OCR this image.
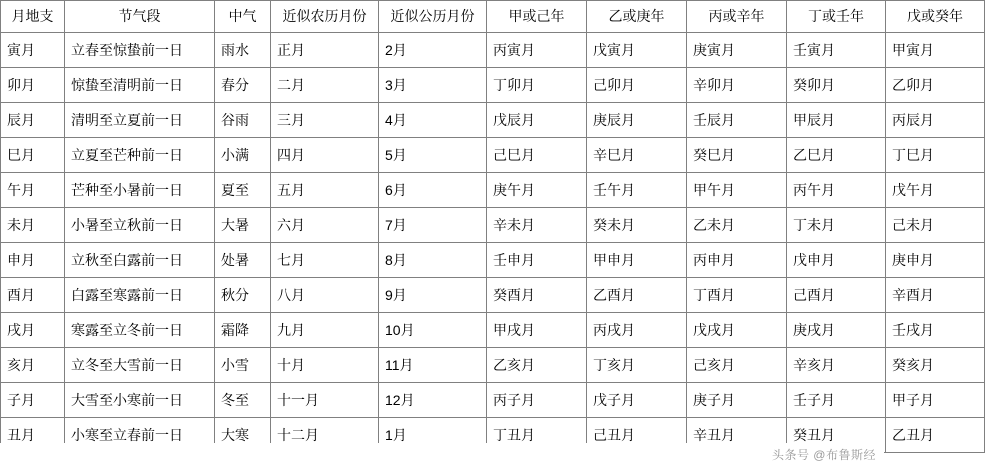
月地支	节气段	中气	近似农历月份	近似公历月份	甲或己年	乙或庚年	丙或辛年	丁或壬年	戊或癸年
寅月	立春至惊蛰前一日	雨水	正月	2月	丙寅月	戊寅月	庚寅月	壬寅月	甲寅月
卯月	惊蛰至清明前一日	春分	二月	3月	丁卯月	己卯月	辛卯月	癸卯月	乙卯月
辰月	清明至立夏前一日	谷雨	三月	4月	戊辰月	庚辰月	壬辰月	甲辰月	丙辰月
巳月	立夏至芒种前一日	小满	四月	5月	己巳月	辛巳月	癸巳月	乙巳月	丁巳月
午月	芒种至小暑前一日	夏至	五月	6月	庚午月	壬午月	甲午月	丙午月	戊午月
未月	小暑至立秋前一日	大暑	六月	7月	辛未月	癸未月	乙未月	丁未月	己未月
申月	立秋至白露前一日	处暑	七月	8月	壬申月	甲申月	丙申月	戊申月	庚申月
酉月	白露至寒露前一日	秋分	八月	9月	癸酉月	乙酉月	丁酉月	己酉月	辛酉月
戌月	寒露至立冬前一日	霜降	九月	10月	甲戌月	丙戌月	戊戌月	庚戌月	壬戌月
亥月	立冬至大雪前一日	小雪	十月	11月	乙亥月	丁亥月	己亥月	辛亥月	癸亥月
子月	大雪至小寒前一日	冬至	十一月	12月	丙子月	戊子月	庚子月	壬子月	甲子月
丑月	小寒至立春前一日	大寒	十二月	1月	丁丑月	己丑月	辛丑月	癸丑月	乙丑月
头条号 @布鲁斯经
